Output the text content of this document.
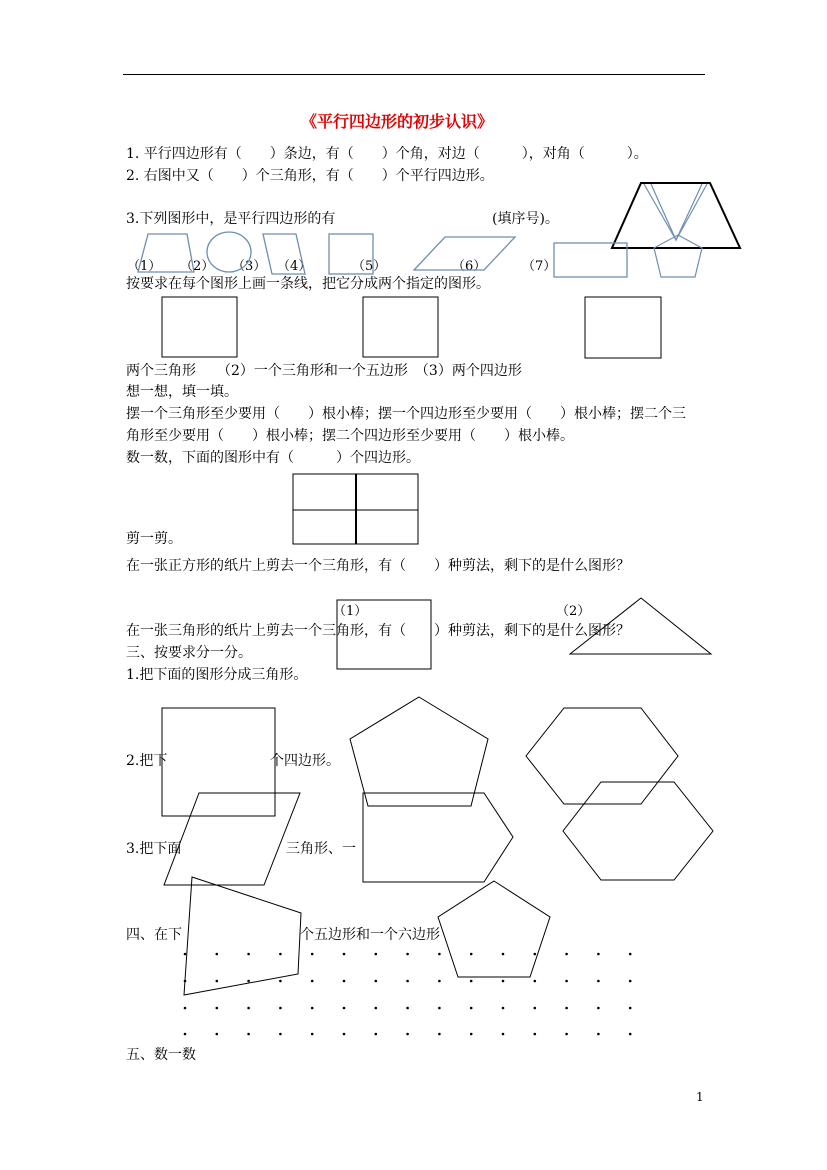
《平行四边形的初步认识》
1. 平行四边形有（　　）条边，有（　　）个角，对边（　　　），对角（　　　）。
2. 右图中又（　　）个三角形，有（　　）个平行四边形。
3.下列图形中，是平行四边形的有	(填序号)。
（1） （2） （3） （4）	（5）	（6）	（7）
按要求在每个图形上画一条线，把它分成两个指定的图形。
两个三角形　　（2）一个三角形和一个五边形　（3）两个四边形
想一想，填一填。
摆一个三角形至少要用（　　）根小棒；摆一个四边形至少要用（　　）根小棒；摆二个三
角形至少要用（　　）根小棒；摆二个四边形至少要用（　　）根小棒。
数一数，下面的图形中有（　　　）个四边形。
剪一剪。
在一张正方形的纸片上剪去一个三角形，有（　　）种剪法，剩下的是什么图形？
（1）	（2）
在一张三角形的纸片上剪去一个三角形，有（　　）种剪法，剩下的是什么图形？
三、按要求分一分。
1.把下面的图形分成三角形。
2.把下	个四边形。
3.把下面	三角形、一
四、在下	个五边形和一个六边形
五、数一数
1
